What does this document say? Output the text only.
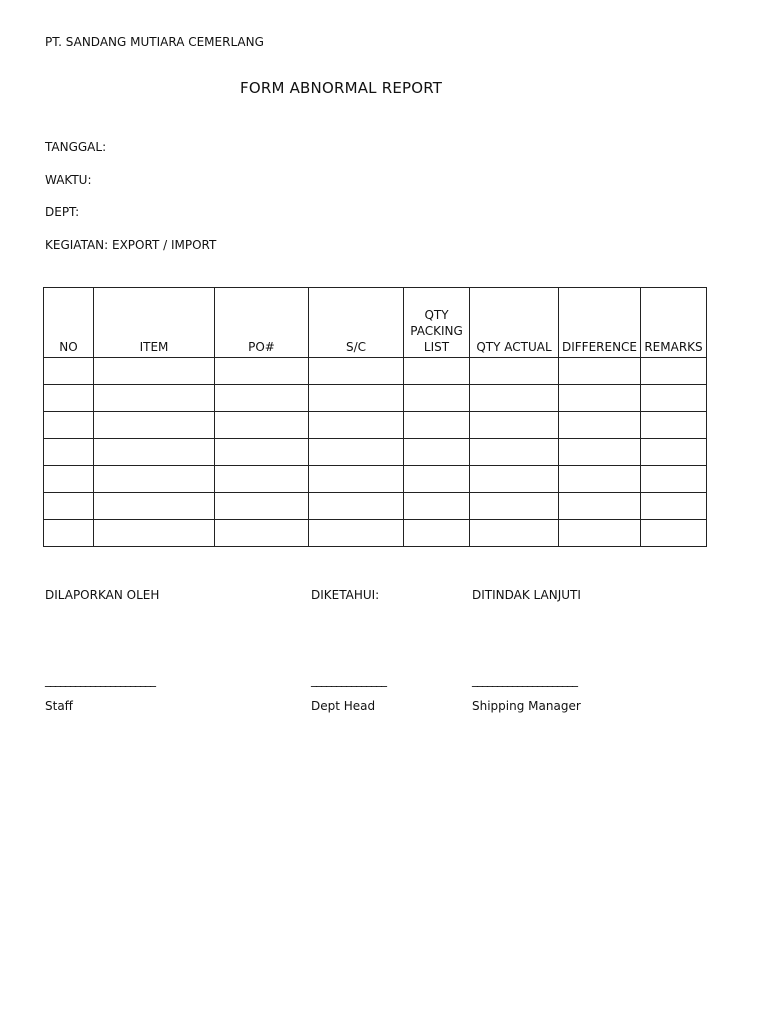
PT. SANDANG MUTIARA CEMERLANG
FORM ABNORMAL REPORT
TANGGAL:
WAKTU:
DEPT:
KEGIATAN: EXPORT / IMPORT
NO	ITEM	PO#	S/C	QTY PACKING LIST	QTY ACTUAL	DIFFERENCE	REMARKS

DILAPORKAN OLEH
______________________
Staff
DIKETAHUI:
_______________
Dept Head
DITINDAK LANJUTI
_____________________
Shipping Manager
